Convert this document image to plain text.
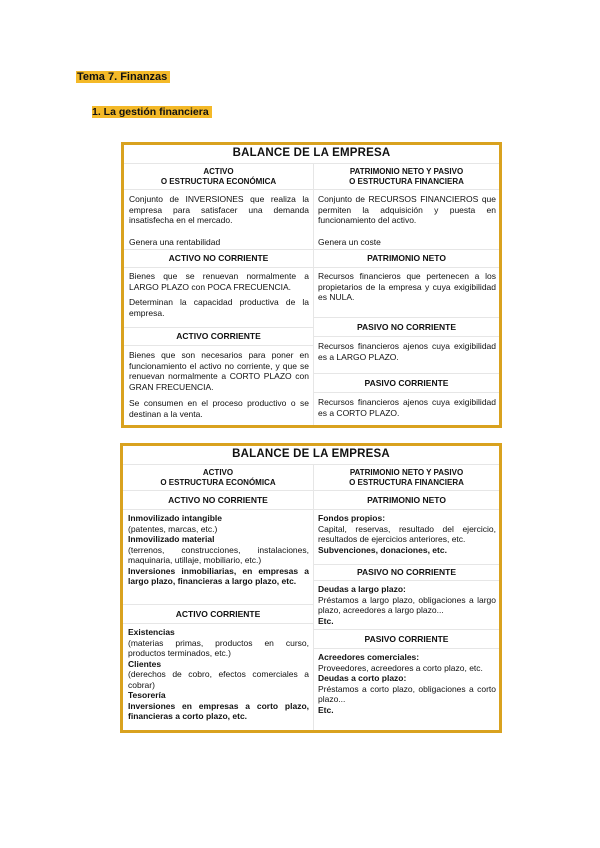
Tema 7. Finanzas
1. La gestión financiera
BALANCE DE LA EMPRESA
ACTIVO
O ESTRUCTURA ECONÓMICA
PATRIMONIO NETO Y PASIVO
O ESTRUCTURA FINANCIERA
Conjunto de INVERSIONES que realiza la empresa para satisfacer una demanda insatisfecha en el mercado.
Genera una rentabilidad
Conjunto de RECURSOS FINANCIEROS que permiten la adquisición y puesta en funcionamiento del activo.
Genera un coste
ACTIVO NO CORRIENTE	PATRIMONIO NETO
Bienes que se renuevan normalmente a LARGO PLAZO con POCA FRECUENCIA.
Determinan la capacidad productiva de la empresa.
Recursos financieros que pertenecen a los propietarios de la empresa y cuya exigibilidad es NULA.
ACTIVO CORRIENTE
PASIVO NO CORRIENTE
Recursos financieros ajenos cuya exigibilidad es a LARGO PLAZO.
Bienes que son necesarios para poner en funcionamiento el activo no corriente, y que se renuevan normalmente a CORTO PLAZO con GRAN FRECUENCIA.
Se consumen en el proceso productivo o se destinan a la venta.
PASIVO CORRIENTE
Recursos financieros ajenos cuya exigibilidad es a CORTO PLAZO.
BALANCE DE LA EMPRESA
ACTIVO
O ESTRUCTURA ECONÓMICA
PATRIMONIO NETO Y PASIVO
O ESTRUCTURA FINANCIERA
ACTIVO NO CORRIENTE	PATRIMONIO NETO

Inmovilizado intangible

(patentes, marcas, etc.)

Inmovilizado material

(terrenos, construcciones, instalaciones, maquinaria, utillaje, mobiliario, etc.)

Inversiones inmobiliarias, en empresas a largo plazo, financieras a largo plazo, etc.

Fondos propios:

Capital, reservas, resultado del ejercicio, resultados de ejercicios anteriores, etc.

Subvenciones, donaciones, etc.

PASIVO NO CORRIENTE

Deudas a largo plazo:

Préstamos a largo plazo, obligaciones a largo plazo, acreedores a largo plazo...

Etc.

ACTIVO CORRIENTE
PASIVO CORRIENTE

Existencias

(materias primas, productos en curso, productos terminados, etc.)

Clientes

(derechos de cobro, efectos comerciales a cobrar)

Tesorería

Inversiones en empresas a corto plazo, financieras a corto plazo, etc.

Acreedores comerciales:

Proveedores, acreedores a corto plazo, etc.

Deudas a corto plazo:

Préstamos a corto plazo, obligaciones a corto plazo...

Etc.
